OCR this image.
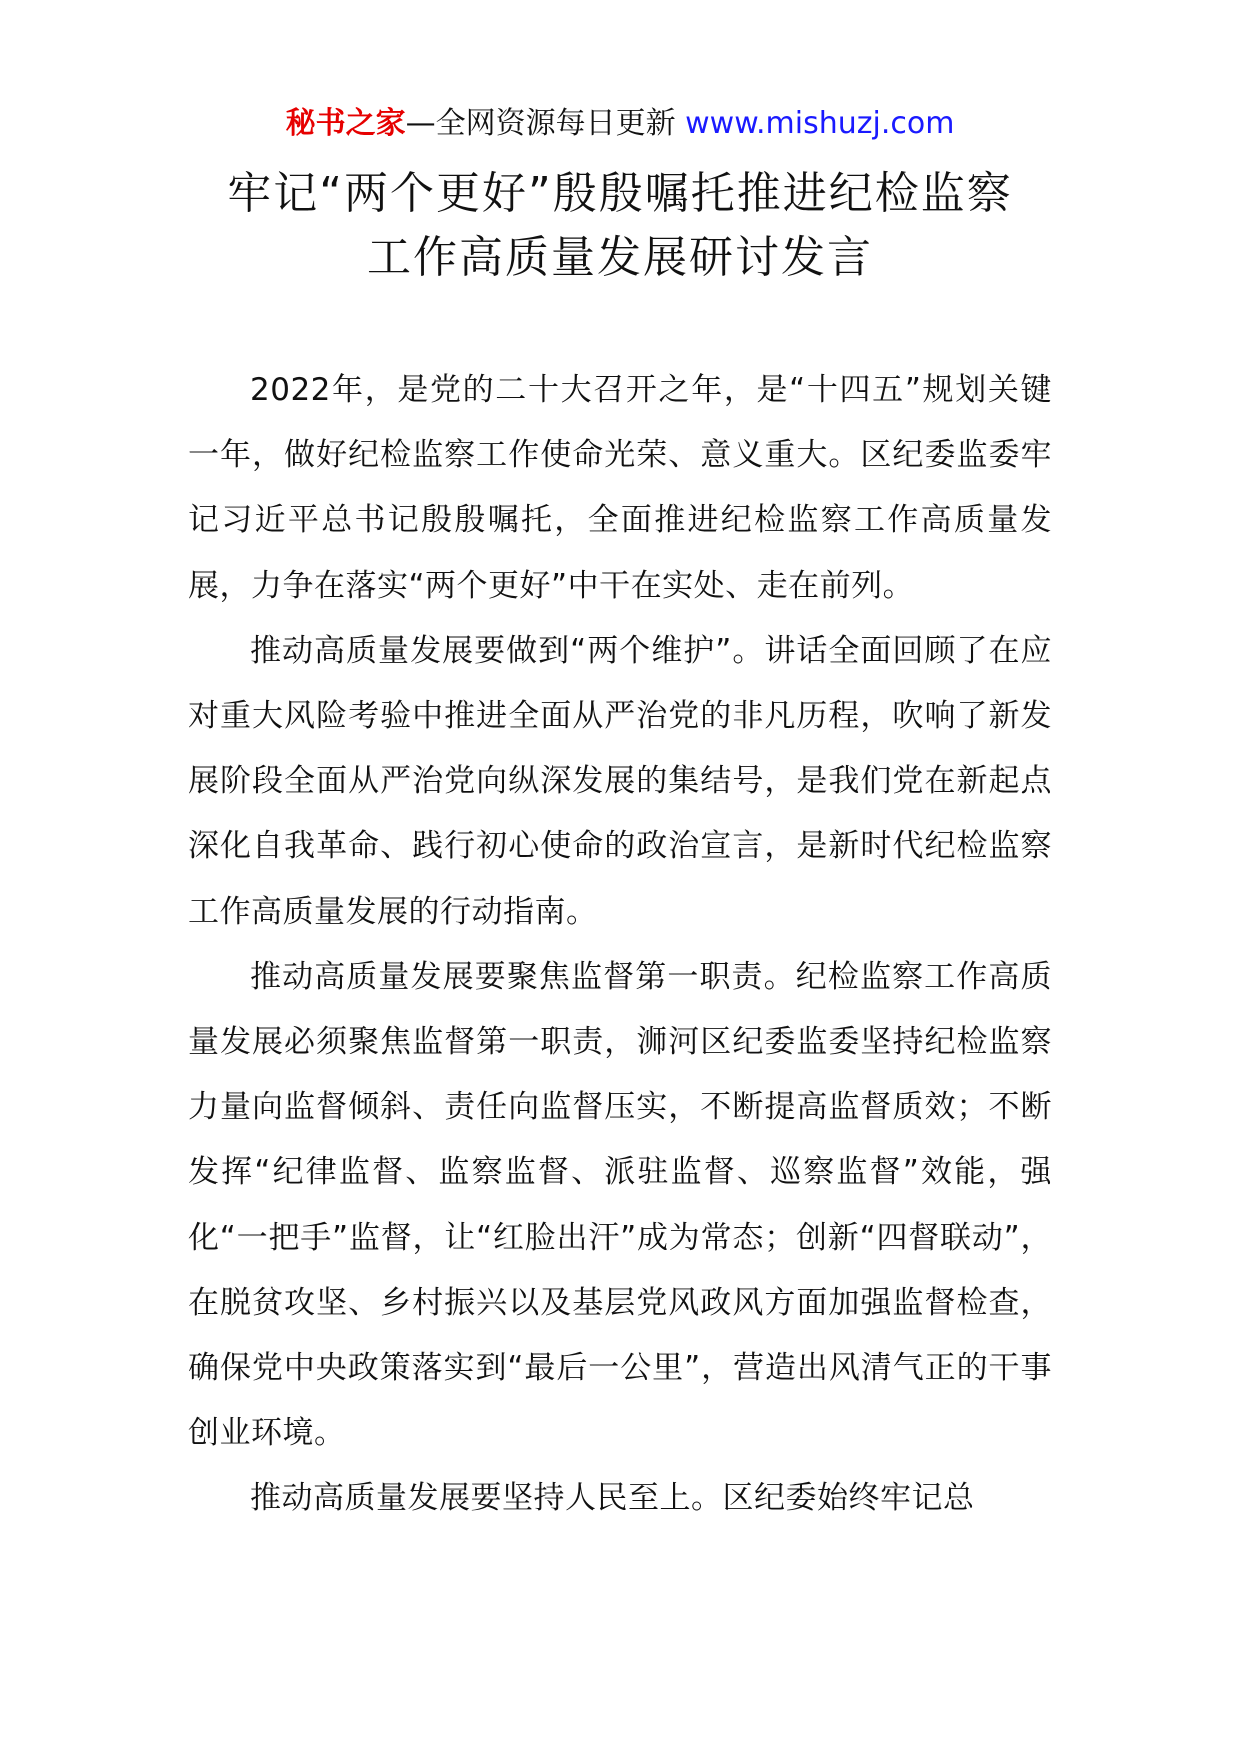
秘书之家—全网资源每日更新 www.mishuzj.com
牢记“两个更好”殷殷嘱托推进纪检监察
工作高质量发展研讨发言

2022年，是党的二十大召开之年，是“十四五”规划关键一年，做好纪检监察工作使命光荣、意义重大。区纪委监委牢记习近平总书记殷殷嘱托，全面推进纪检监察工作高质量发展，力争在落实“两个更好”中干在实处、走在前列。

推动高质量发展要做到“两个维护”。讲话全面回顾了在应对重大风险考验中推进全面从严治党的非凡历程，吹响了新发展阶段全面从严治党向纵深发展的集结号，是我们党在新起点深化自我革命、践行初心使命的政治宣言，是新时代纪检监察工作高质量发展的行动指南。

推动高质量发展要聚焦监督第一职责。纪检监察工作高质量发展必须聚焦监督第一职责，浉河区纪委监委坚持纪检监察力量向监督倾斜、责任向监督压实，不断提高监督质效；不断发挥“纪律监督、监察监督、派驻监督、巡察监督”效能，强化“一把手”监督，让“红脸出汗”成为常态；创新“四督联动”，在脱贫攻坚、乡村振兴以及基层党风政风方面加强监督检查，确保党中央政策落实到“最后一公里”，营造出风清气正的干事创业环境。

推动高质量发展要坚持人民至上。区纪委始终牢记总
